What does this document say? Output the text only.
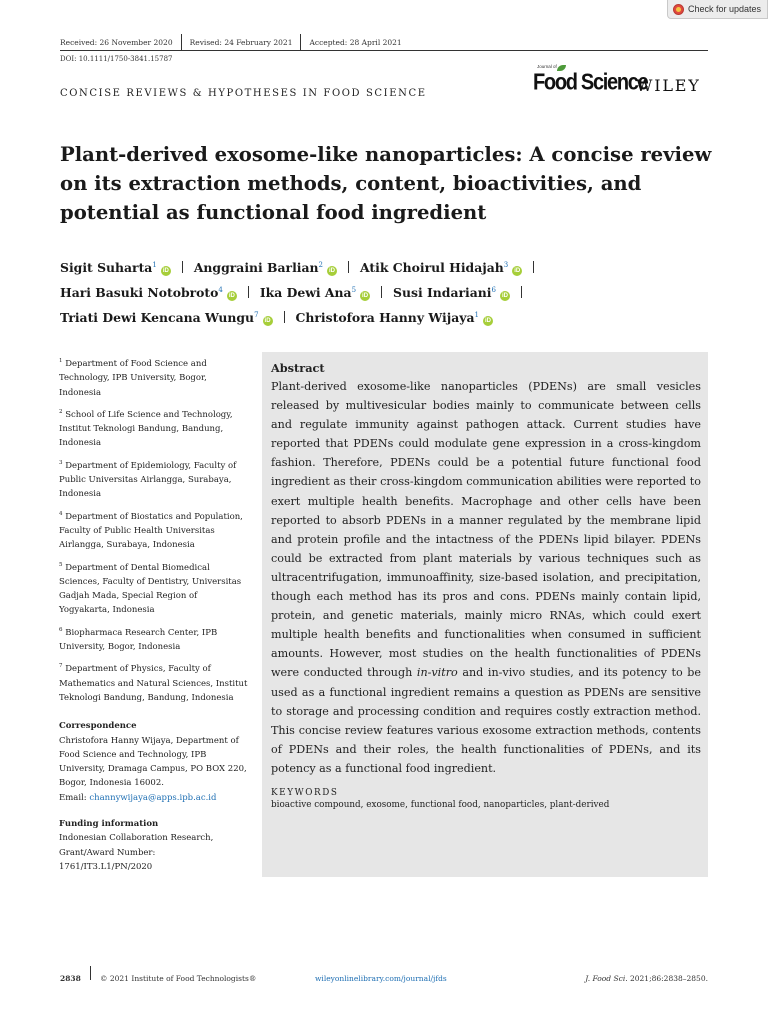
Check for updates
Received: 26 November 2020	Revised: 24 February 2021	Accepted: 28 April 2021
DOI: 10.1111/1750-3841.15787
CONCISE REVIEWS & HYPOTHESES IN FOOD SCIENCE
Journal of
Food Science
WILEY
Plant-derived exosome-like nanoparticles: A concise review on its extraction methods, content, bioactivities, and potential as functional food ingredient
Sigit Suharta$^1$iD Anggraini Barlian$^2$iD Atik Choirul Hidajah$^3$iD
Hari Basuki Notobroto$^4$iD Ika Dewi Ana$^5$iD Susi Indariani$^6$iD
Triati Dewi Kencana Wungu$^7$iD Christofora Hanny Wijaya$^1$iD
$^1$ Department of Food Science and Technology, IPB University, Bogor, Indonesia
$^2$ School of Life Science and Technology, Institut Teknologi Bandung, Bandung, Indonesia
$^3$ Department of Epidemiology, Faculty of Public Universitas Airlangga, Surabaya, Indonesia
$^4$ Department of Biostatics and Population, Faculty of Public Health Universitas Airlangga, Surabaya, Indonesia
$^5$ Department of Dental Biomedical Sciences, Faculty of Dentistry, Universitas Gadjah Mada, Special Region of Yogyakarta, Indonesia
$^6$ Biopharmaca Research Center, IPB University, Bogor, Indonesia
$^7$ Department of Physics, Faculty of Mathematics and Natural Sciences, Institut Teknologi Bandung, Bandung, Indonesia
Correspondence
Christofora Hanny Wijaya, Department of Food Science and Technology, IPB University, Dramaga Campus, PO BOX 220, Bogor, Indonesia 16002.
Email: channywijaya@apps.ipb.ac.id
Funding information
Indonesian Collaboration Research, Grant/Award Number: 1761/IT3.L1/PN/2020
Abstract
Plant-derived exosome-like nanoparticles (PDENs) are small vesicles released by multivesicular bodies mainly to communicate between cells and regulate immunity against pathogen attack. Current studies have reported that PDENs could modulate gene expression in a cross-kingdom fashion. Therefore, PDENs could be a potential future functional food ingredient as their cross-kingdom communication abilities were reported to exert multiple health benefits. Macrophage and other cells have been reported to absorb PDENs in a manner regulated by the membrane lipid and protein profile and the intactness of the PDENs lipid bilayer. PDENs could be extracted from plant materials by various techniques such as ultracentrifugation, immunoaffinity, size-based isolation, and precipitation, though each method has its pros and cons. PDENs mainly contain lipid, protein, and genetic materials, mainly micro RNAs, which could exert multiple health benefits and functionalities when consumed in sufficient amounts. However, most studies on the health functionalities of PDENs were conducted through in-vitro and in-vivo studies, and its potency to be used as a functional ingredient remains a question as PDENs are sensitive to storage and processing condition and requires costly extraction method. This concise review features various exosome extraction methods, contents of PDENs and their roles, the health functionalities of PDENs, and its potency as a functional food ingredient.
KEYWORDS
bioactive compound, exosome, functional food, nanoparticles, plant-derived
2838	© 2021 Institute of Food Technologists®	wileyonlinelibrary.com/journal/jfds	J. Food Sci. 2021;86:2838–2850.
